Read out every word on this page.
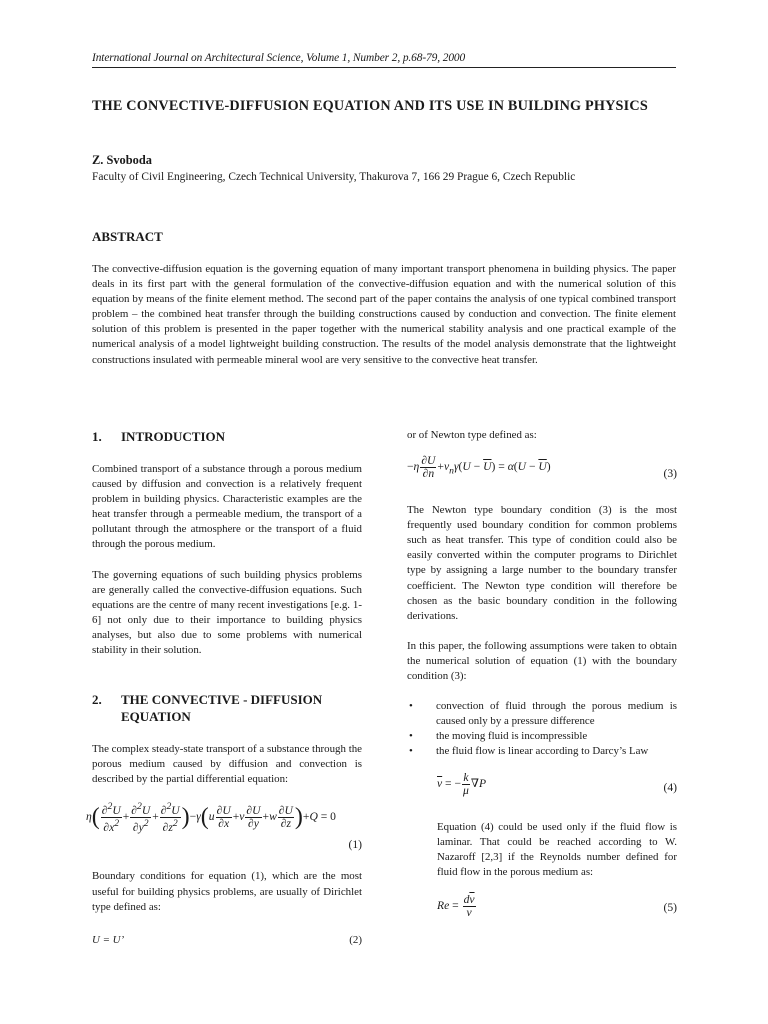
International Journal on Architectural Science, Volume 1, Number 2, p.68-79, 2000
THE CONVECTIVE-DIFFUSION EQUATION AND ITS USE IN BUILDING PHYSICS
Z. Svoboda
Faculty of Civil Engineering, Czech Technical University, Thakurova 7, 166 29 Prague 6, Czech Republic
ABSTRACT

The convective-diffusion equation is the governing equation of many important transport phenomena in building physics. The paper deals in its first part with the general formulation of the convective-diffusion equation and with the numerical solution of this equation by means of the finite element method. The second part of the paper contains the analysis of one typical combined transport problem – the combined heat transfer through the building constructions caused by conduction and convection. The finite element solution of this problem is presented in the paper together with the numerical stability analysis and one practical example of the numerical analysis of a model lightweight building construction. The results of the model analysis demonstrate that the lightweight constructions insulated with permeable mineral wool are very sensitive to the convective heat transfer.

1.	INTRODUCTION

Combined transport of a substance through a porous medium caused by diffusion and convection is a relatively frequent problem in building physics. Characteristic examples are the heat transfer through a permeable medium, the transport of a pollutant through the atmosphere or the transport of a fluid through the porous medium.

The governing equations of such building physics problems are generally called the convective-diffusion equations. Such equations are the centre of many recent investigations [e.g. 1-6] not only due to their importance to building physics analyses, but also due to some problems with numerical stability in their solution.

2.	THE CONVECTIVE - DIFFUSION EQUATION

The complex steady-state transport of a substance through the porous medium caused by diffusion and convection is described by the partial differential equation:

$\eta( \frac{\partial^2U}{\partial x^2} + \frac{\partial^2U}{\partial y^2} + \frac{\partial^2U}{\partial z^2} )-\gamma(u \frac{\partial U}{\partial x} +v \frac{\partial U}{\partial y} +w \frac{\partial U}{\partial z} )+Q = 0$
(1)

Boundary conditions for equation (1), which are the most useful for building physics problems, are usually of Dirichlet type defined as:

U = U’	(2)

or of Newton type defined as:

$-\eta \frac{\partial U}{\partial n} +v_n\gamma(U - \overline{U}) = \alpha(U - \overline{U})$
(3)

The Newton type boundary condition (3) is the most frequently used boundary condition for common problems such as heat transfer. This type of condition could also be easily converted within the computer programs to Dirichlet type by assigning a large number to the boundary transfer coefficient. The Newton type condition will therefore be chosen as the basic boundary condition in the following derivations.

In this paper, the following assumptions were taken to obtain the numerical solution of equation (1) with the boundary condition (3):

• convection of fluid through the porous medium is caused only by a pressure difference
• the moving fluid is incompressible
• the fluid flow is linear according to Darcy’s Law
$\overline{v}$ = − $\frac{k}{\mu} \nabla P$	(4)

Equation (4) could be used only if the fluid flow is laminar. That could be reached according to W. Nazaroff [2,3] if the Reynolds number defined for fluid flow in the porous medium as:

$Re = \frac{d\overline{v}}{\nu}$	(5)
